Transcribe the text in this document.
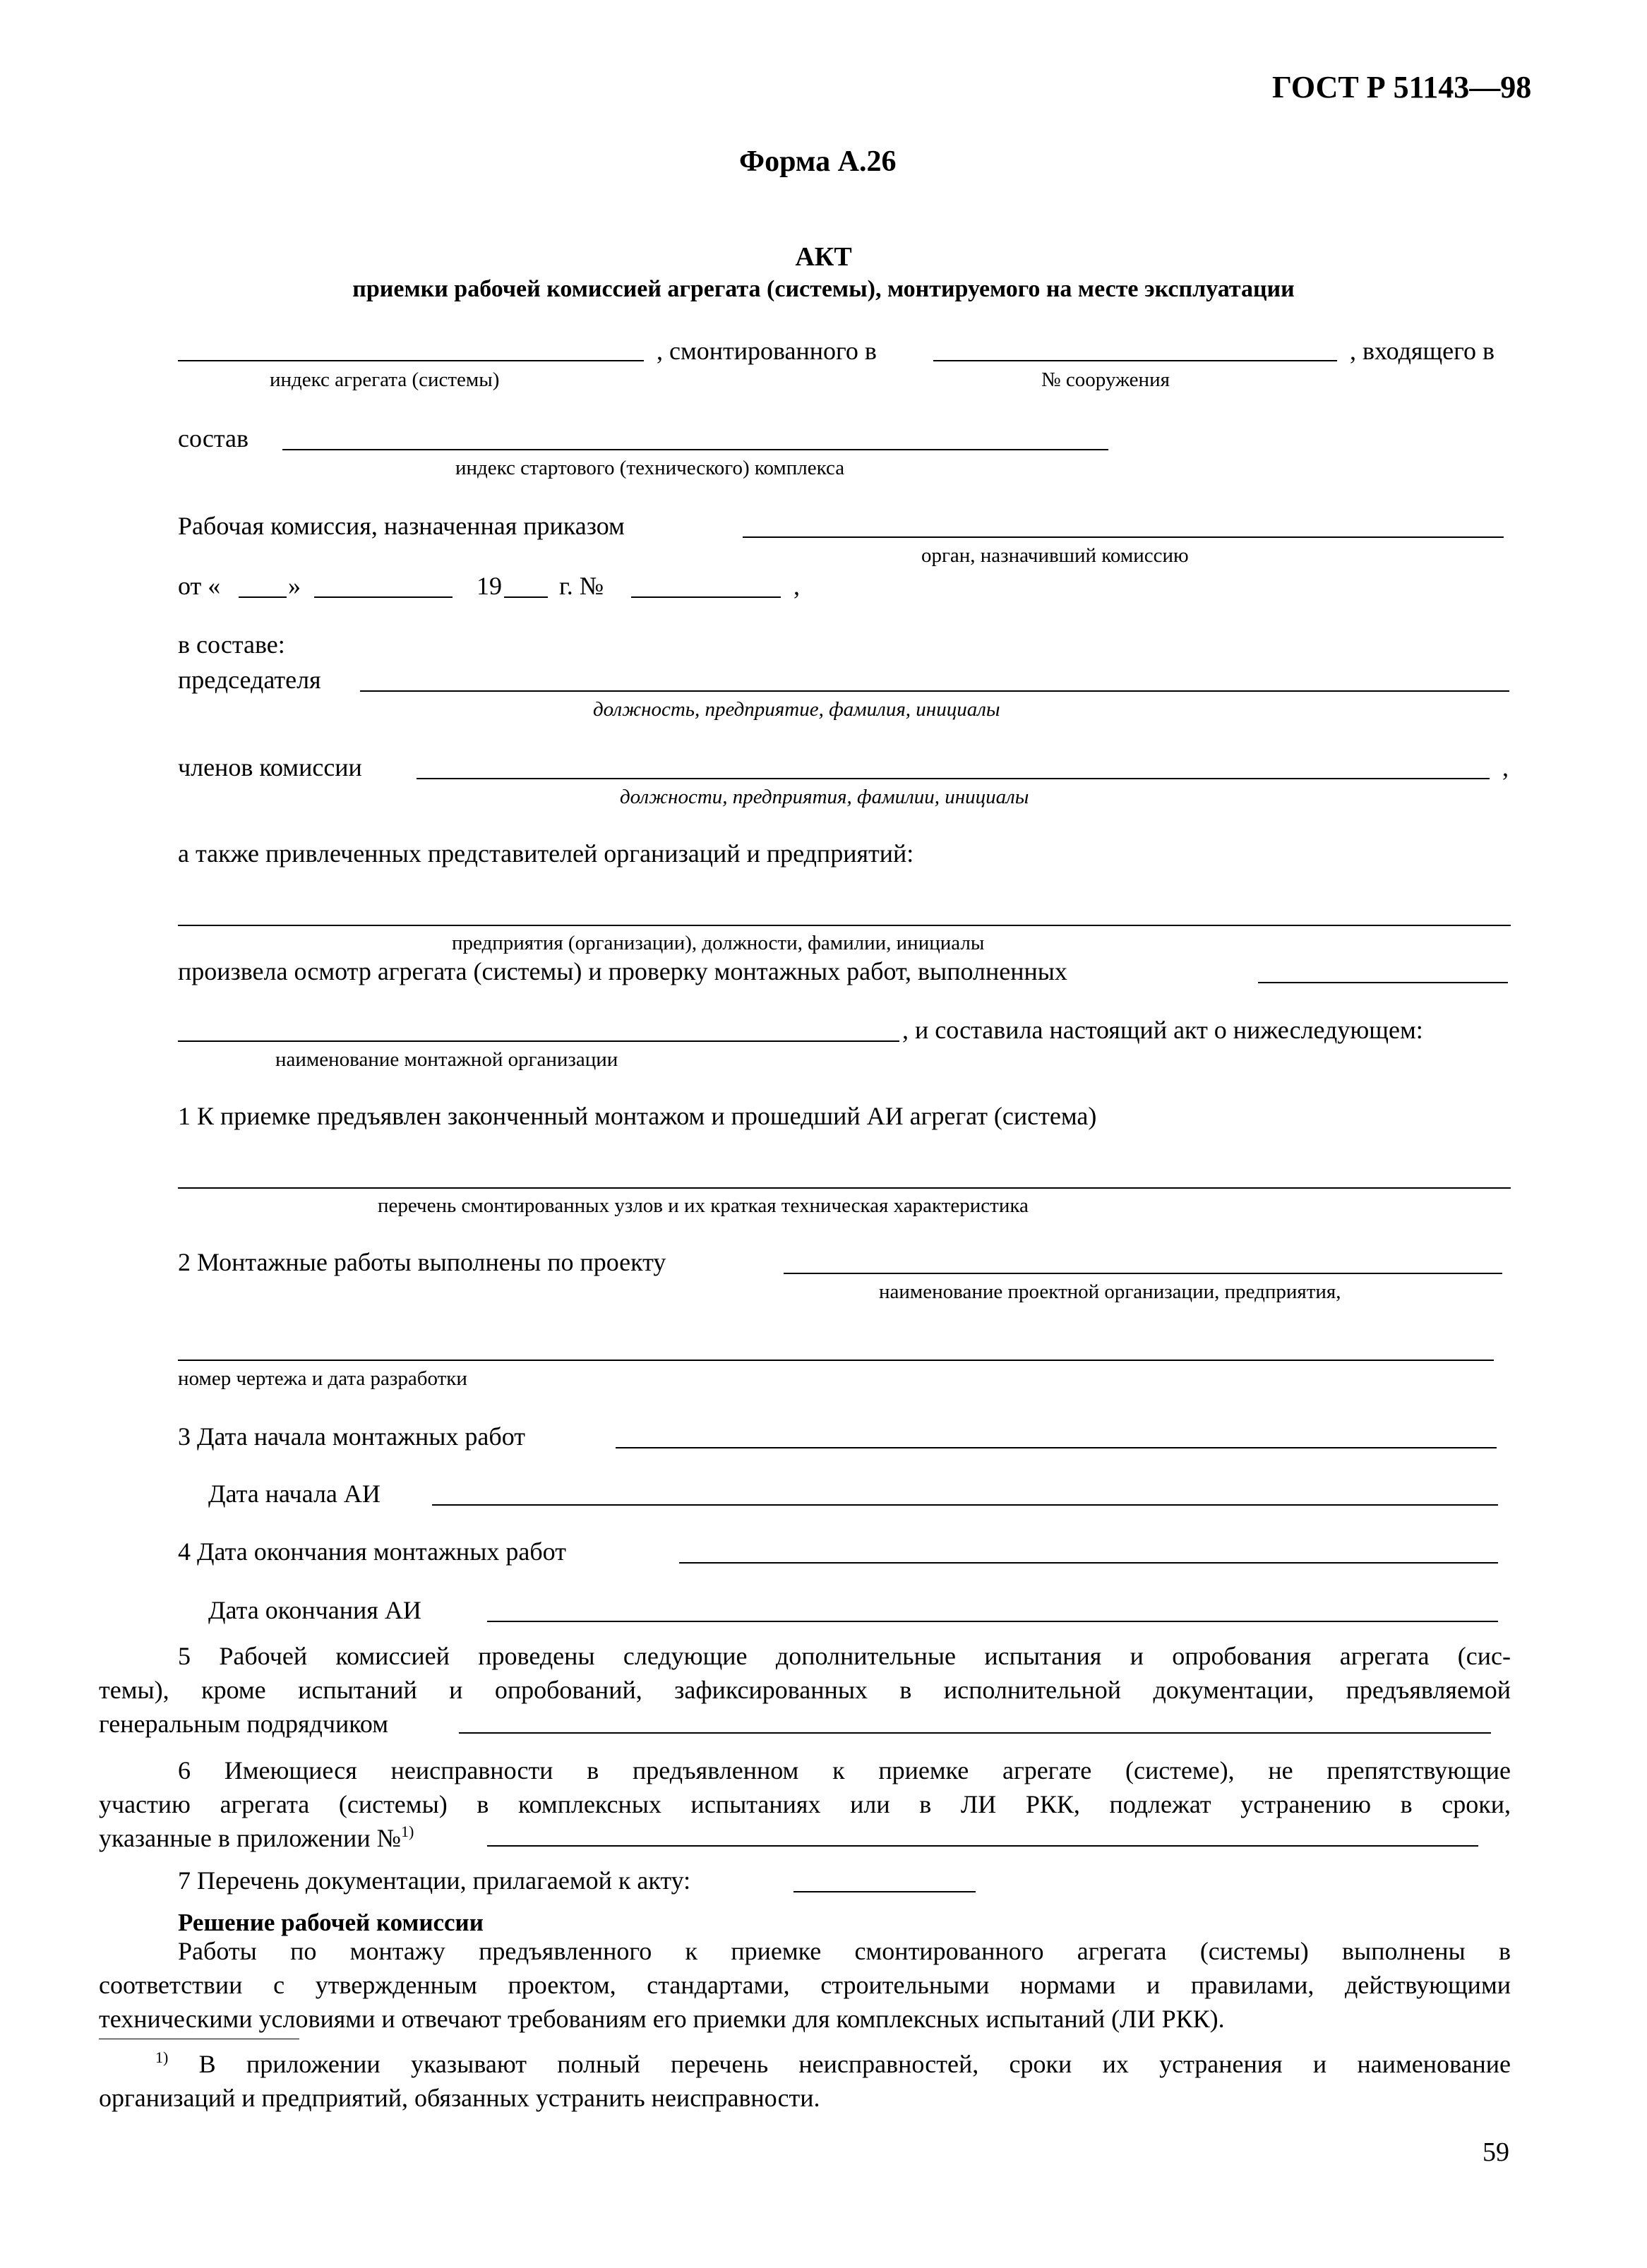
ГОСТ Р 51143—98
Форма А.26
АКТ
приемки рабочей комиссией агрегата (системы), монтируемого на месте эксплуатации
, смонтированного в	, входящего в
индекс агрегата (системы)	№ сооружения
состав
индекс стартового (технического) комплекса
Рабочая комиссия, назначенная приказом
орган, назначивший комиссию
от «	»	19 г. №	,
в составе:
председателя
должность, предприятие, фамилия, инициалы
членов комиссии	,
должности, предприятия, фамилии, инициалы
а также привлеченных представителей организаций и предприятий:
предприятия (организации), должности, фамилии, инициалы
произвела осмотр агрегата (системы) и проверку монтажных работ, выполненных
, и составила настоящий акт о нижеследующем:
наименование монтажной организации
1 К приемке предъявлен законченный монтажом и прошедший АИ агрегат (система)
перечень смонтированных узлов и их краткая техническая характеристика
2 Монтажные работы выполнены по проекту
наименование проектной организации, предприятия,
номер чертежа и дата разработки
3 Дата начала монтажных работ
Дата начала АИ
4 Дата окончания монтажных работ
Дата окончания АИ
5 Рабочей комиссией проведены следующие дополнительные испытания и опробования агрегата (сис-
темы), кроме испытаний и опробований, зафиксированных в исполнительной документации, предъявляемой
генеральным подрядчиком
6 Имеющиеся неисправности в предъявленном к приемке агрегате (системе), не препятствующие
участию агрегата (системы) в комплексных испытаниях или в ЛИ РКК, подлежат устранению в сроки,
указанные в приложении №$^{1)}$
7 Перечень документации, прилагаемой к акту:
Решение рабочей комиссии
Работы по монтажу предъявленного к приемке смонтированного агрегата (системы) выполнены в
соответствии с утвержденным проектом, стандартами, строительными нормами и правилами, действующими
техническими условиями и отвечают требованиям его приемки для комплексных испытаний (ЛИ РКК).
$^{1)}$ В приложении указывают полный перечень неисправностей, сроки их устранения и наименование
организаций и предприятий, обязанных устранить неисправности.
59
